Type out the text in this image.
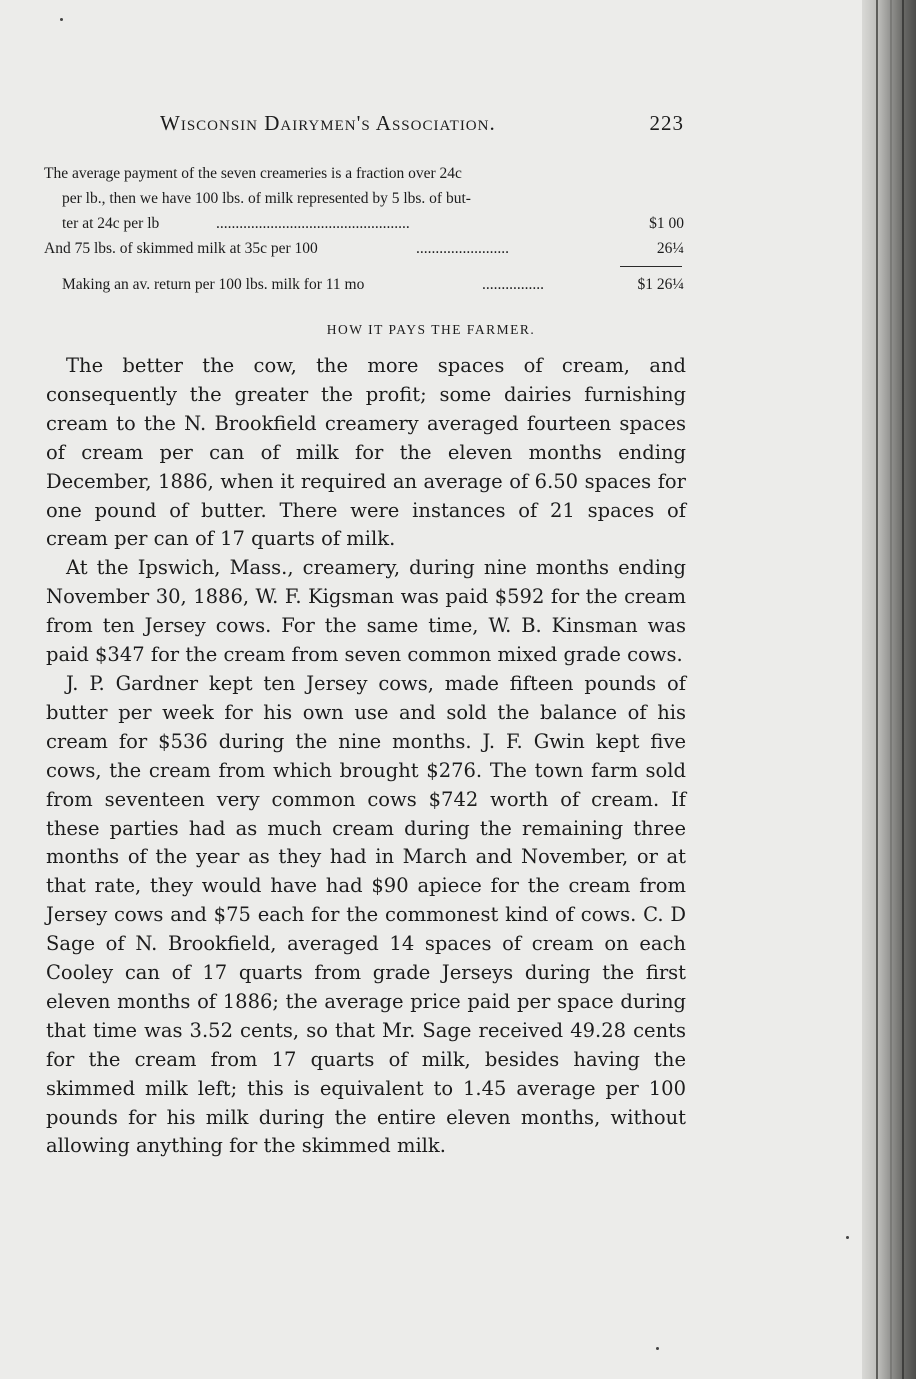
Wisconsin Dairymen's Association.	223
The average payment of the seven creameries is a fraction over 24c
per lb., then we have 100 lbs. of milk represented by 5 lbs. of but-
ter at 24c per lb	..................................................	$1 00
And 75 lbs. of skimmed milk at 35c per 100	........................	26¼
Making an av. return per 100 lbs. milk for 11 mo	................	$1 26¼
HOW IT PAYS THE FARMER.

The better the cow, the more spaces of cream, and consequently the greater the profit; some dairies furnishing cream to the N. Brookfield creamery averaged fourteen spaces of cream per can of milk for the eleven months ending December, 1886, when it required an average of 6.50 spaces for one pound of butter. There were instances of 21 spaces of cream per can of 17 quarts of milk.

At the Ipswich, Mass., creamery, during nine months ending November 30, 1886, W. F. Kigsman was paid $592 for the cream from ten Jersey cows. For the same time, W. B. Kinsman was paid $347 for the cream from seven common mixed grade cows.

J. P. Gardner kept ten Jersey cows, made fifteen pounds of butter per week for his own use and sold the balance of his cream for $536 during the nine months. J. F. Gwin kept five cows, the cream from which brought $276. The town farm sold from seventeen very common cows $742 worth of cream. If these parties had as much cream during the remaining three months of the year as they had in March and November, or at that rate, they would have had $90 apiece for the cream from Jersey cows and $75 each for the commonest kind of cows. C. D Sage of N. Brookfield, averaged 14 spaces of cream on each Cooley can of 17 quarts from grade Jerseys during the first eleven months of 1886; the average price paid per space during that time was 3.52 cents, so that Mr. Sage received 49.28 cents for the cream from 17 quarts of milk, besides having the skimmed milk left; this is equivalent to 1.45 average per 100 pounds for his milk during the entire eleven months, without allowing anything for the skimmed milk.
